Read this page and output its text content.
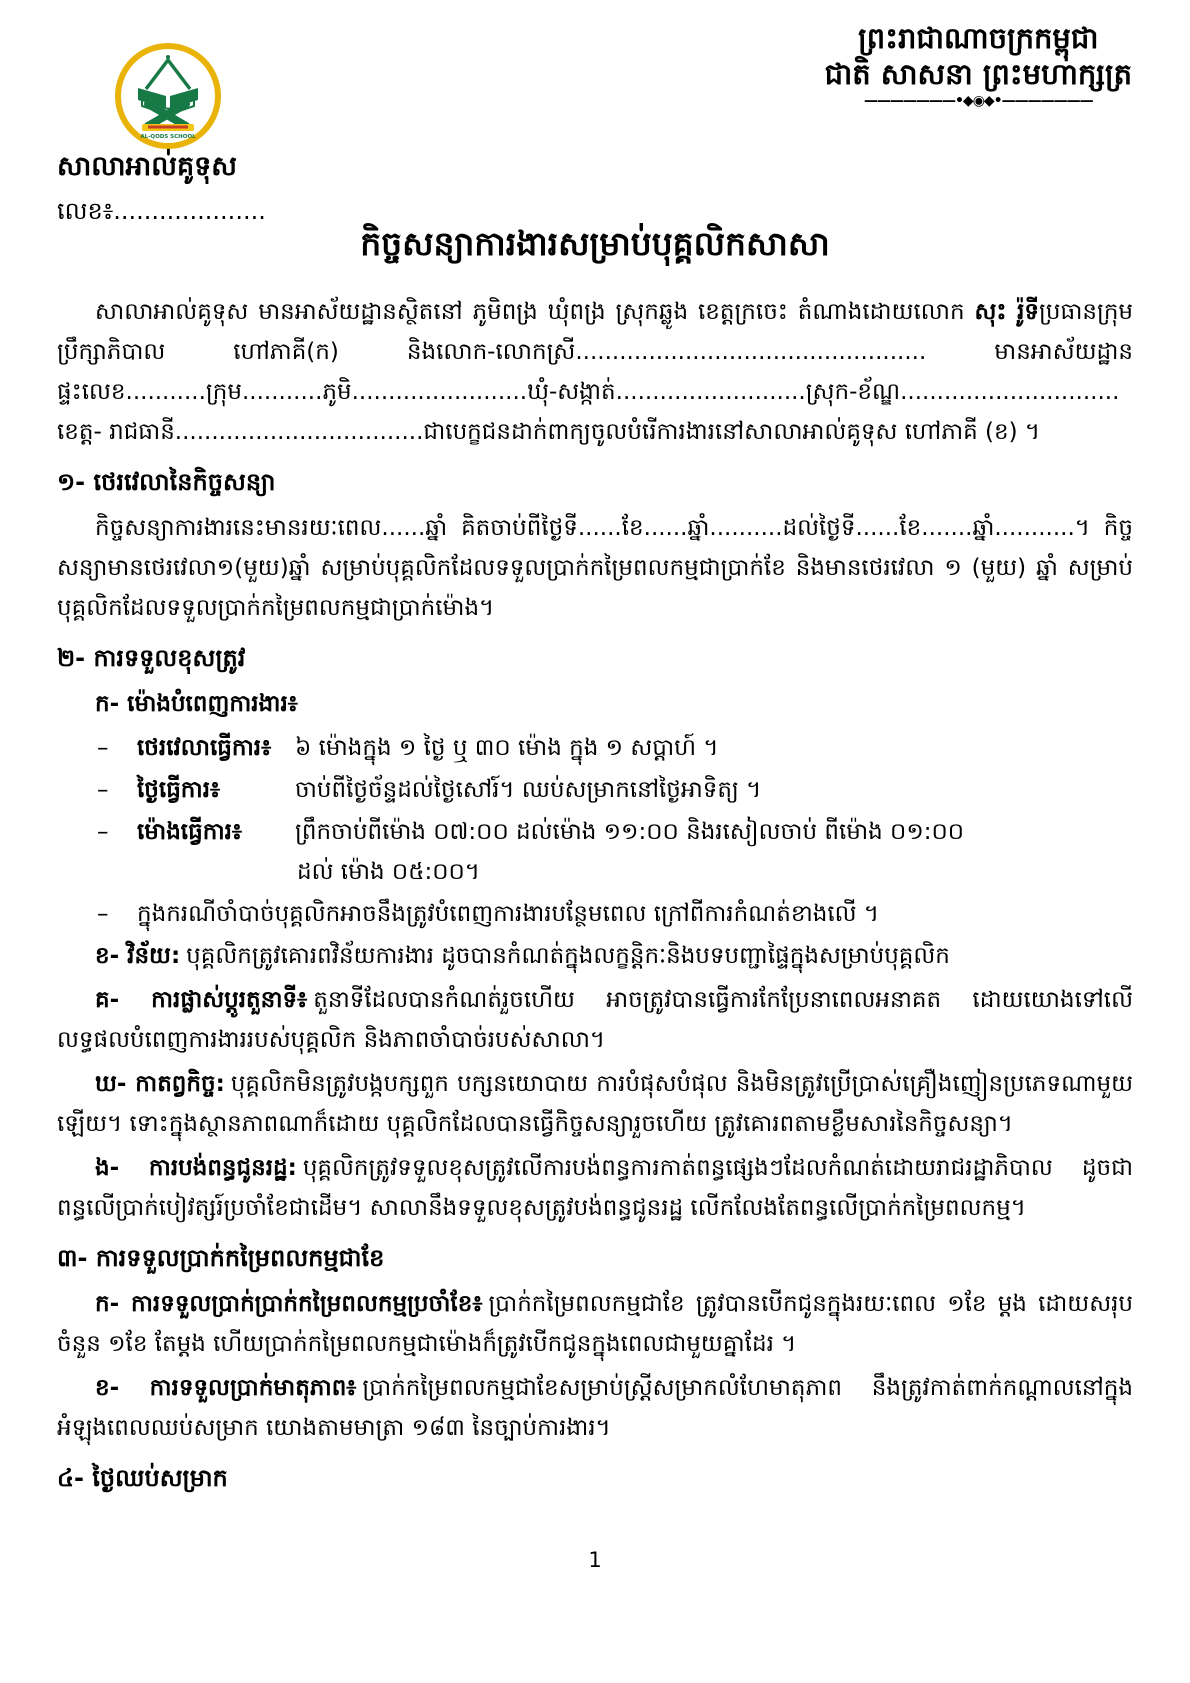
AL-QODS SCHOOL
ព្រះរាជាណាចក្រកម្ពុជា
ជាតិ សាសនា ព្រះមហាក្សត្រ
———————•◆◉◆•———————
សាលាអាល់គូទុស
លេខ៖....................
កិច្ចសន្យាការងារសម្រាប់បុគ្គលិកសាសា

សាលាអាល់គូទុស មានអាស័យដ្ឋានស្ថិតនៅ ភូមិពង្រ ឃុំពង្រ ស្រុកឆ្លូង ខេត្តក្រចេះ តំណាងដោយលោក សុះ រ៉ូទីប្រធានក្រុមប្រឹក្សាភិបាល ហៅភាគី(ក) និងលោក-លោកស្រី................................................ មានអាស័យដ្ឋាន ផ្ទះលេខ...........ក្រុម...........ភូមិ........................ឃុំ-សង្កាត់..........................ស្រុក-ខ័ណ្ឌ.............................. ខេត្ត- រាជធានី..................................ជាបេក្ខជនដាក់ពាក្យចូលបំរើការងារនៅសាលាអាល់គូទុស ហៅភាគី (ខ) ។

១- ថេរវេលានៃកិច្ចសន្យា

កិច្ចសន្យាការងារនេះមានរយៈពេល......ឆ្នាំ គិតចាប់ពីថ្ងៃទី......ខែ......ឆ្នាំ..........ដល់ថ្ងៃទី......ខែ.......ឆ្នាំ...........។ កិច្ចសន្យាមានថេរវេលា១(មួយ)ឆ្នាំ សម្រាប់បុគ្គលិកដែលទទួលប្រាក់កម្រៃពលកម្មជាប្រាក់ខែ និងមានថេរវេលា ១ (មួយ) ឆ្នាំ សម្រាប់បុគ្គលិកដែលទទួលប្រាក់កម្រៃពលកម្មជាប្រាក់ម៉ោង។

២- ការទទួលខុសត្រូវ
ក- ម៉ោងបំពេញការងារ៖
–	ថេរវេលាធ្វើការ៖ ៦ ម៉ោងក្នុង ១ ថ្ងៃ ឬ ៣០ ម៉ោង ក្នុង ១ សប្តាហ៍ ។
–	ថ្ងៃធ្វើការ៖	ចាប់ពីថ្ងៃច័ន្ទដល់ថ្ងៃសៅរ៍។ ឈប់សម្រាកនៅថ្ងៃអាទិត្យ ។
–	ម៉ោងធ្វើការ៖ ព្រឹកចាប់ពីម៉ោង ០៧:០០ ដល់ម៉ោង ១១:០០ និងរសៀលចាប់ ពីម៉ោង ០១:០០
ដល់ ម៉ោង ០៥:០០។
–	ក្នុងករណីចាំបាច់បុគ្គលិកអាចនឹងត្រូវបំពេញការងារបន្ថែមពេល ក្រៅពីការកំណត់ខាងលើ ។

ខ- វិន័យ: បុគ្គលិកត្រូវគោរពវិន័យការងារ ដូចបានកំណត់ក្នុងលក្ខន្តិកៈនិងបទបញ្ជាផ្ទៃក្នុងសម្រាប់បុគ្គលិក

គ- ការផ្លាស់ប្តូរតួនាទី៖ តួនាទីដែលបានកំណត់រួចហើយ អាចត្រូវបានធ្វើការកែប្រែនាពេលអនាគត ដោយយោងទៅលើលទ្ធផលបំពេញការងាររបស់បុគ្គលិក និងភាពចាំបាច់របស់សាលា។

ឃ- កាតព្វកិច្ច: បុគ្គលិកមិនត្រូវបង្កបក្សពួក បក្សនយោបាយ ការបំផុសបំផុល និងមិនត្រូវប្រើប្រាស់គ្រឿងញៀនប្រភេទណាមួយឡើយ។ ទោះក្នុងស្ថានភាពណាក៏ដោយ បុគ្គលិកដែលបានធ្វើកិច្ចសន្យារួចហើយ ត្រូវគោរពតាមខ្លឹមសារនៃកិច្ចសន្យា។

ង- ការបង់ពន្ធជូនរដ្ឋ: បុគ្គលិកត្រូវទទួលខុសត្រូវលើការបង់ពន្ធការកាត់ពន្ធផ្សេងៗដែលកំណត់ដោយរាជរដ្ឋាភិបាល ដូចជាពន្ធលើប្រាក់បៀវត្សរ៍ប្រចាំខែជាដើម។ សាលានឹងទទួលខុសត្រូវបង់ពន្ធជូនរដ្ឋ លើកលែងតែពន្ធលើប្រាក់កម្រៃពលកម្ម។

៣- ការទទួលប្រាក់កម្រៃពលកម្មជាខែ

ក- ការទទួលប្រាក់ប្រាក់កម្រៃពលកម្មប្រចាំខែ៖ ប្រាក់កម្រៃពលកម្មជាខែ ត្រូវបានបើកជូនក្នុងរយៈពេល ១ខែ ម្តង ដោយសរុបចំនួន ១ខែ តែម្តង ហើយប្រាក់កម្រៃពលកម្មជាម៉ោងក៏ត្រូវបើកជូនក្នុងពេលជាមួយគ្នាដែរ ។

ខ- ការទទួលប្រាក់មាតុភាព៖ ប្រាក់កម្រៃពលកម្មជាខែសម្រាប់ស្ត្រីសម្រាកលំហែមាតុភាព នឹងត្រូវកាត់ពាក់កណ្តាលនៅក្នុងអំឡុងពេលឈប់សម្រាក យោងតាមមាត្រា ១៨៣ នៃច្បាប់ការងារ។

៤- ថ្ងៃឈប់សម្រាក
1
